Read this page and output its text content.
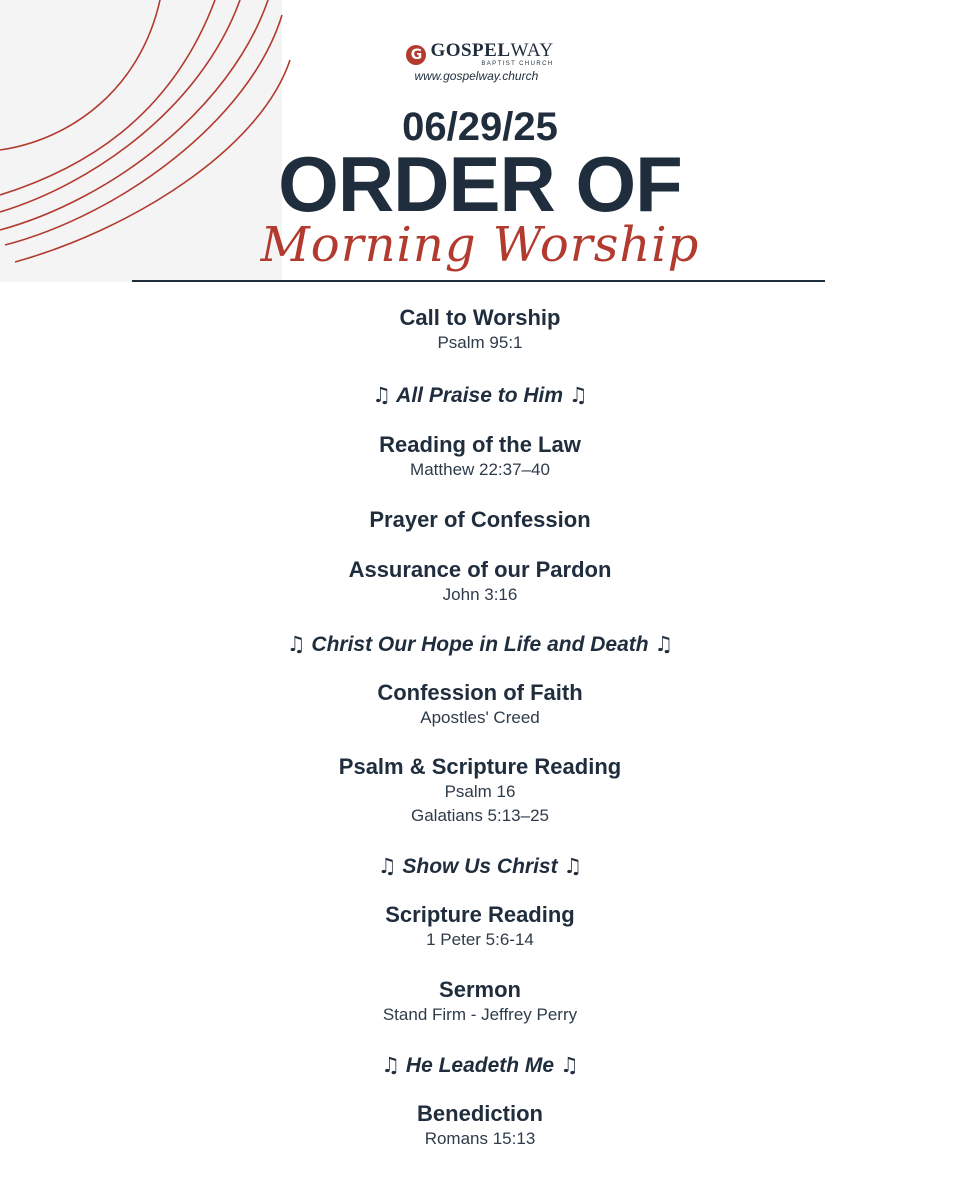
G GOSPELWAY
BAPTIST CHURCH
www.gospelway.church
06/29/25
ORDER OF
Morning Worship
Call to Worship
Psalm 95:1
♫ All Praise to Him ♫
Reading of the Law
Matthew 22:37–40
Prayer of Confession
Assurance of our Pardon
John 3:16
♫ Christ Our Hope in Life and Death ♫
Confession of Faith
Apostles' Creed
Psalm & Scripture Reading
Psalm 16
Galatians 5:13–25
♫ Show Us Christ ♫
Scripture Reading
1 Peter 5:6-14
Sermon
Stand Firm - Jeffrey Perry
♫ He Leadeth Me ♫
Benediction
Romans 15:13
